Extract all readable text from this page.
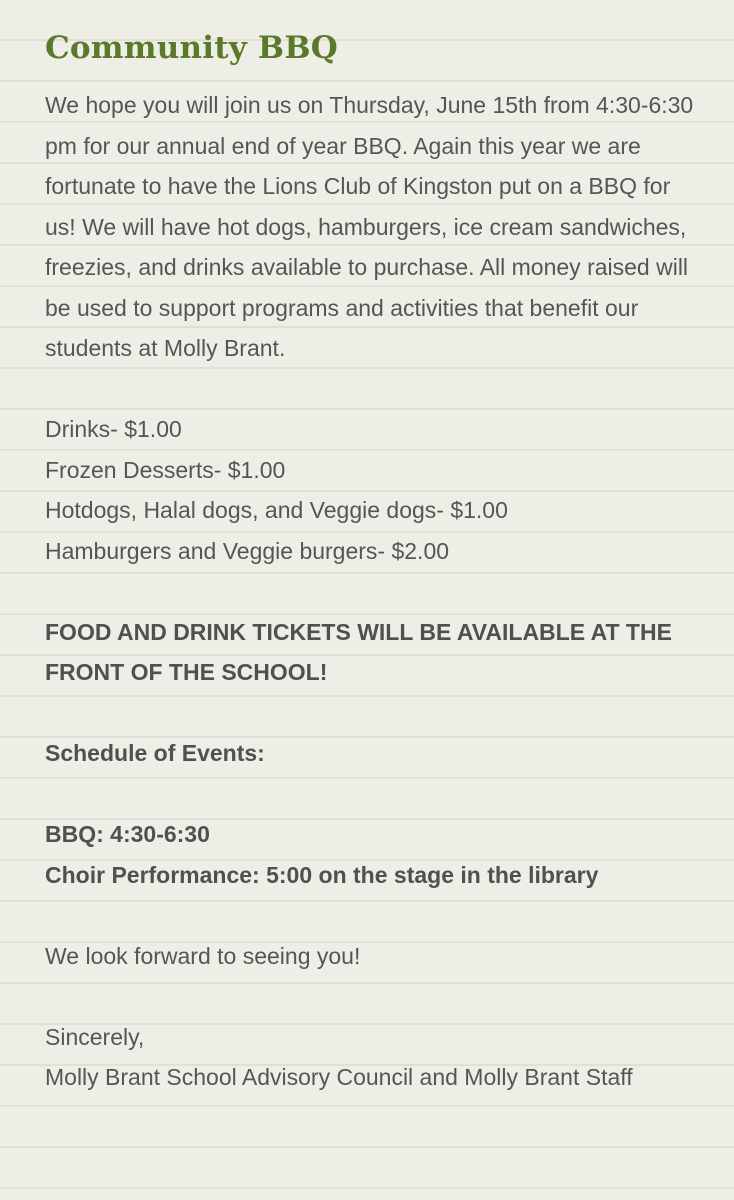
Community BBQ

We hope you will join us on Thursday, June 15th from 4:30-6:30 pm for our annual end of year BBQ. Again this year we are fortunate to have the Lions Club of Kingston put on a BBQ for us! We will have hot dogs, hamburgers, ice cream sandwiches, freezies, and drinks available to purchase. All money raised will be used to support programs and activities that benefit our students at Molly Brant.

Drinks- $1.00
Frozen Desserts- $1.00
Hotdogs, Halal dogs, and Veggie dogs- $1.00
Hamburgers and Veggie burgers- $2.00

FOOD AND DRINK TICKETS WILL BE AVAILABLE AT THE FRONT OF THE SCHOOL!

Schedule of Events:
BBQ: 4:30-6:30
Choir Performance: 5:00 on the stage in the library
We look forward to seeing you!
Sincerely,

Molly Brant School Advisory Council and Molly Brant Staff
